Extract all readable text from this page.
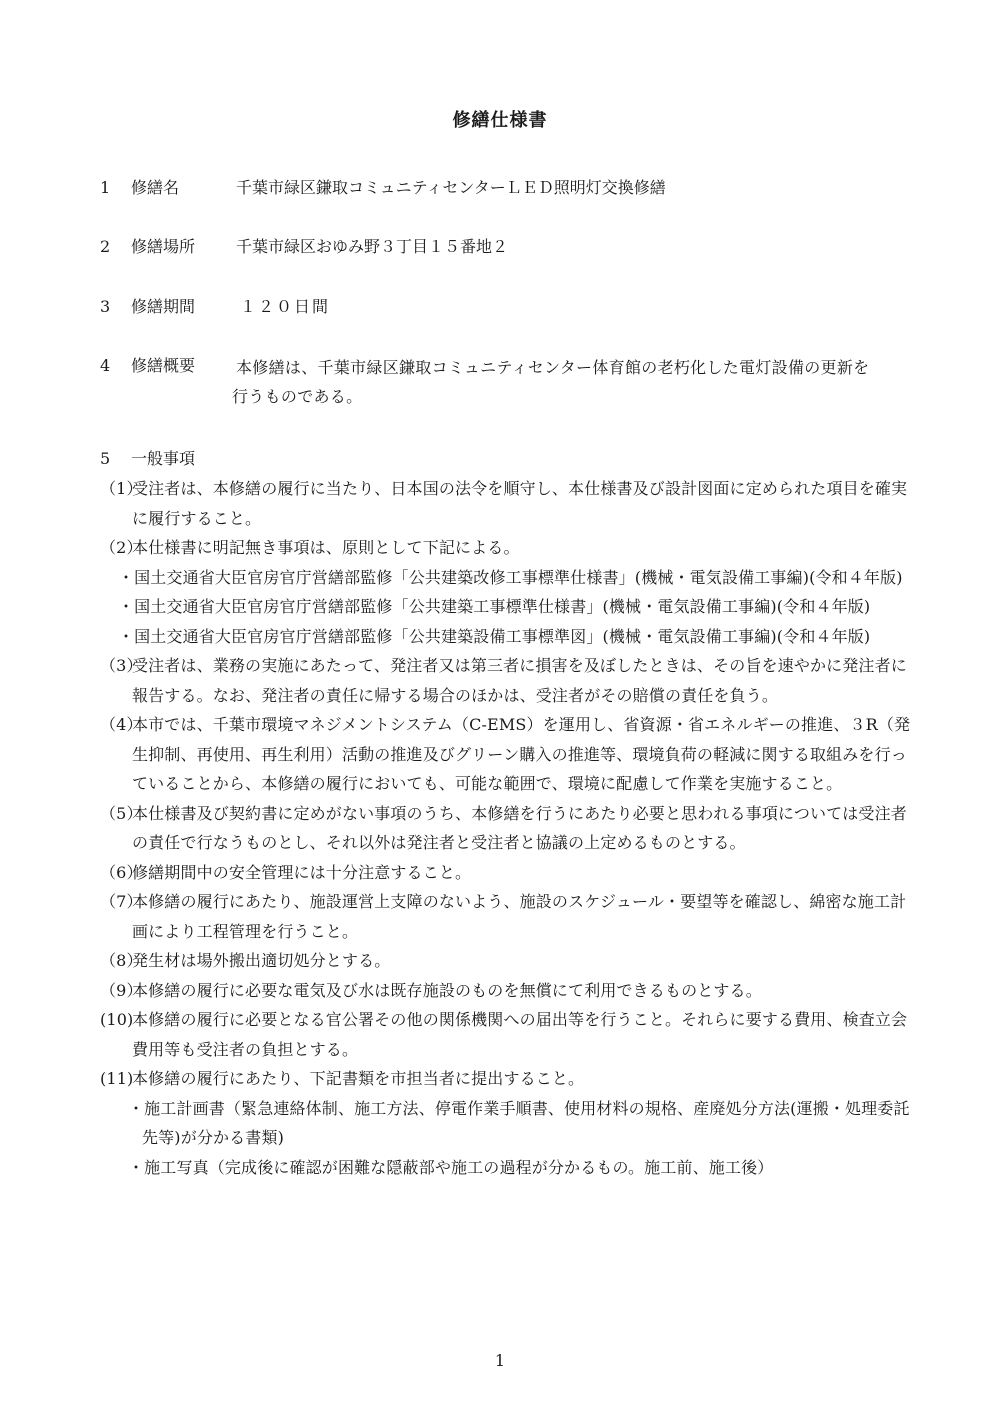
修繕仕様書
1 修繕名	千葉市緑区鎌取コミュニティセンターＬＥＤ照明灯交換修繕
2 修繕場所	千葉市緑区おゆみ野３丁目１５番地２
3 修繕期間	１２０日間
4 修繕概要	本修繕は、千葉市緑区鎌取コミュニティセンター体育館の老朽化した電灯設備の更新を
行うものである。
5 一般事項

（1）受注者は、本修繕の履行に当たり、日本国の法令を順守し、本仕様書及び設計図面に定められた項目を確実に履行すること。

（2）本仕様書に明記無き事項は、原則として下記による。

・国土交通省大臣官房官庁営繕部監修「公共建築改修工事標準仕様書」(機械・電気設備工事編)(令和４年版)

・国土交通省大臣官房官庁営繕部監修「公共建築工事標準仕様書」(機械・電気設備工事編)(令和４年版)

・国土交通省大臣官房官庁営繕部監修「公共建築設備工事標準図」(機械・電気設備工事編)(令和４年版)

（3）受注者は、業務の実施にあたって、発注者又は第三者に損害を及ぼしたときは、その旨を速やかに発注者に報告する。なお、発注者の責任に帰する場合のほかは、受注者がその賠償の責任を負う。

（4）本市では、千葉市環境マネジメントシステム（C-EMS）を運用し、省資源・省エネルギーの推進、３R（発生抑制、再使用、再生利用）活動の推進及びグリーン購入の推進等、環境負荷の軽減に関する取組みを行っていることから、本修繕の履行においても、可能な範囲で、環境に配慮して作業を実施すること。

（5）本仕様書及び契約書に定めがない事項のうち、本修繕を行うにあたり必要と思われる事項については受注者の責任で行なうものとし、それ以外は発注者と受注者と協議の上定めるものとする。

（6）修繕期間中の安全管理には十分注意すること。

（7）本修繕の履行にあたり、施設運営上支障のないよう、施設のスケジュール・要望等を確認し、綿密な施工計画により工程管理を行うこと。

（8）発生材は場外搬出適切処分とする。

（9）本修繕の履行に必要な電気及び水は既存施設のものを無償にて利用できるものとする。

(10)本修繕の履行に必要となる官公署その他の関係機関への届出等を行うこと。それらに要する費用、検査立会費用等も受注者の負担とする。

(11)本修繕の履行にあたり、下記書類を市担当者に提出すること。

・施工計画書（緊急連絡体制、施工方法、停電作業手順書、使用材料の規格、産廃処分方法(運搬・処理委託先等)が分かる書類)

・施工写真（完成後に確認が困難な隠蔽部や施工の過程が分かるもの。施工前、施工後）

1
